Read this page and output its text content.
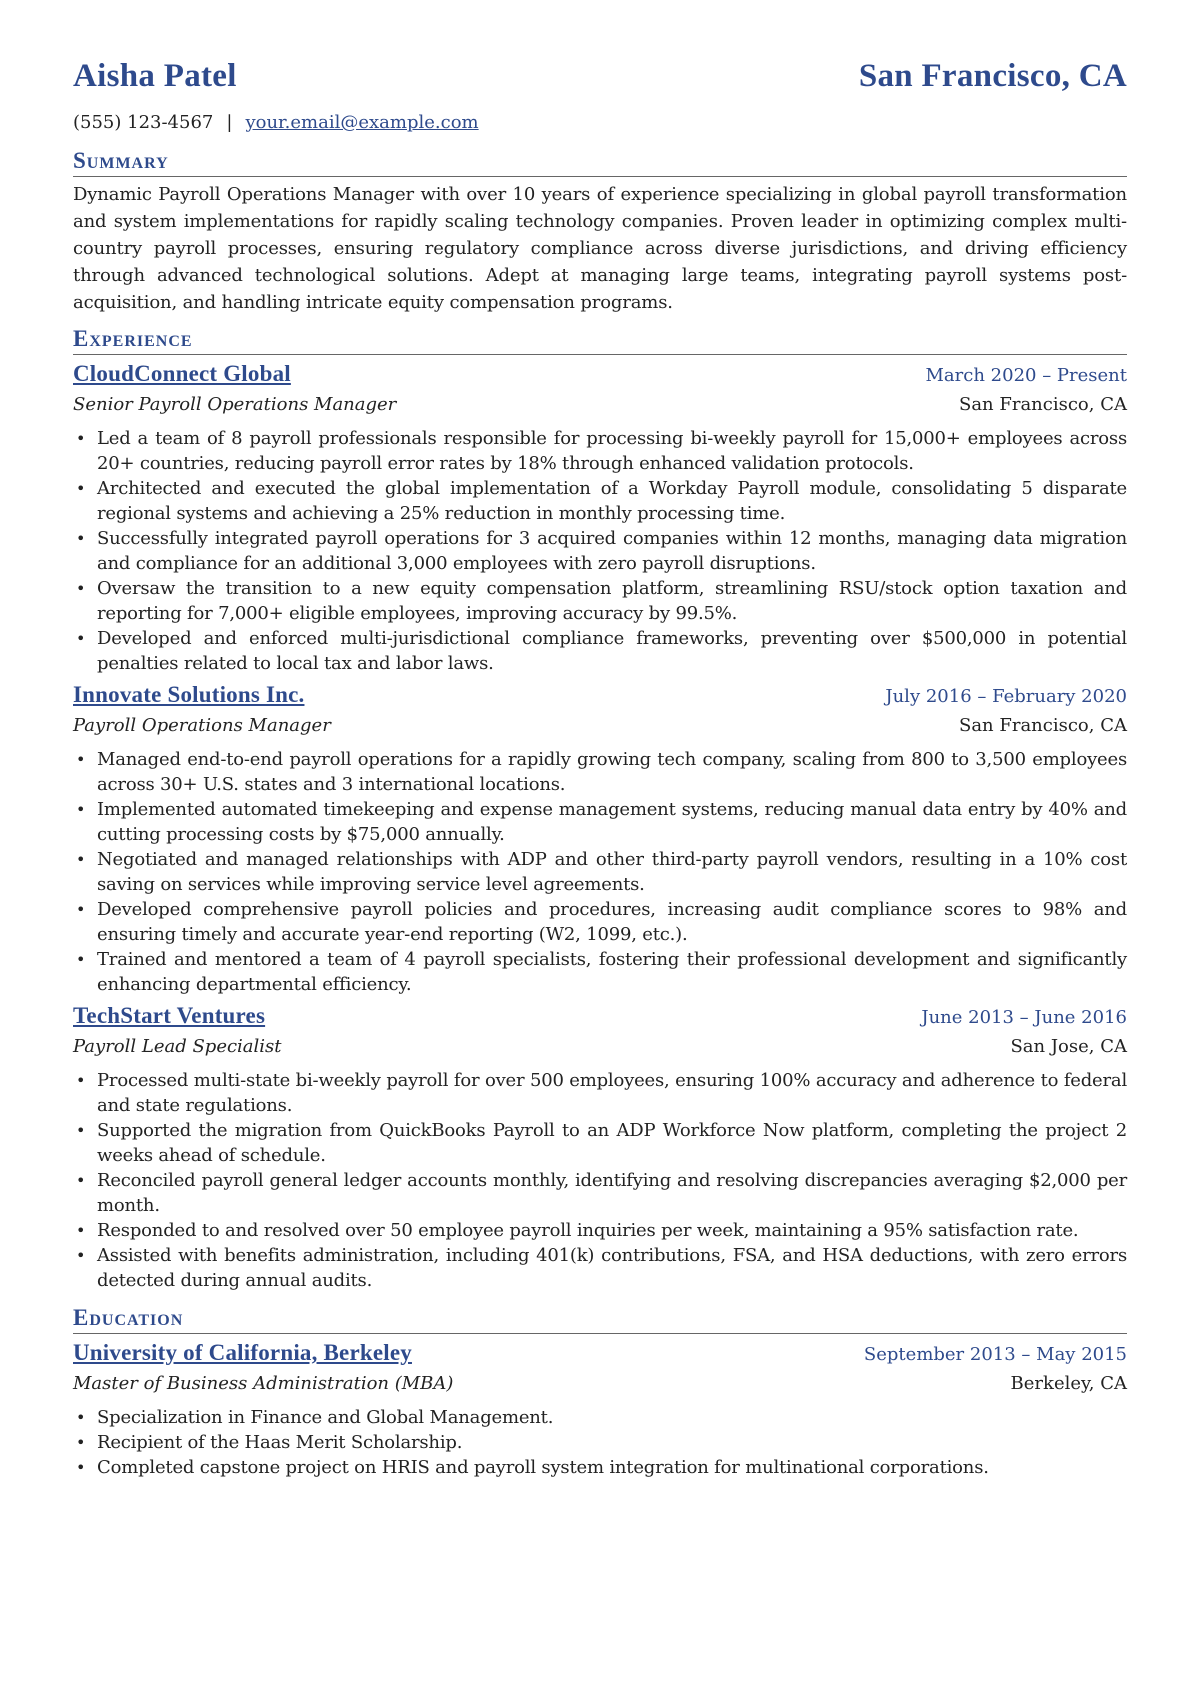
Aisha Patel	San Francisco, CA
(555) 123-4567 | your.email@example.com
Summary
Dynamic Payroll Operations Manager with over 10 years of experience specializing in global payroll transformation and system implementations for rapidly scaling technology companies. Proven leader in optimizing complex multi-country payroll processes, ensuring regulatory compliance across diverse jurisdictions, and driving efficiency through advanced technological solutions. Adept at managing large teams, integrating payroll systems post-acquisition, and handling intricate equity compensation programs.
Experience
CloudConnect Global	March 2020 – Present
Senior Payroll Operations Manager	San Francisco, CA
• Led a team of 8 payroll professionals responsible for processing bi-weekly payroll for 15,000+ employees across 20+ countries, reducing payroll error rates by 18% through enhanced validation protocols.
• Architected and executed the global implementation of a Workday Payroll module, consolidating 5 disparate regional systems and achieving a 25% reduction in monthly processing time.
• Successfully integrated payroll operations for 3 acquired companies within 12 months, managing data migration and compliance for an additional 3,000 employees with zero payroll disruptions.
• Oversaw the transition to a new equity compensation platform, streamlining RSU/stock option taxation and reporting for 7,000+ eligible employees, improving accuracy by 99.5%.
• Developed and enforced multi-jurisdictional compliance frameworks, preventing over $500,000 in potential penalties related to local tax and labor laws.
Innovate Solutions Inc.	July 2016 – February 2020
Payroll Operations Manager	San Francisco, CA
• Managed end-to-end payroll operations for a rapidly growing tech company, scaling from 800 to 3,500 employees across 30+ U.S. states and 3 international locations.
• Implemented automated timekeeping and expense management systems, reducing manual data entry by 40% and cutting processing costs by $75,000 annually.
• Negotiated and managed relationships with ADP and other third-party payroll vendors, resulting in a 10% cost saving on services while improving service level agreements.
• Developed comprehensive payroll policies and procedures, increasing audit compliance scores to 98% and ensuring timely and accurate year-end reporting (W2, 1099, etc.).
• Trained and mentored a team of 4 payroll specialists, fostering their professional development and significantly enhancing departmental efficiency.
TechStart Ventures	June 2013 – June 2016
Payroll Lead Specialist	San Jose, CA
• Processed multi-state bi-weekly payroll for over 500 employees, ensuring 100% accuracy and adherence to federal and state regulations.
• Supported the migration from QuickBooks Payroll to an ADP Workforce Now platform, completing the project 2 weeks ahead of schedule.
• Reconciled payroll general ledger accounts monthly, identifying and resolving discrepancies averaging $2,000 per month.
• Responded to and resolved over 50 employee payroll inquiries per week, maintaining a 95% satisfaction rate.
• Assisted with benefits administration, including 401(k) contributions, FSA, and HSA deductions, with zero errors detected during annual audits.
Education
University of California, Berkeley	September 2013 – May 2015
Master of Business Administration (MBA)	Berkeley, CA
• Specialization in Finance and Global Management.
• Recipient of the Haas Merit Scholarship.
• Completed capstone project on HRIS and payroll system integration for multinational corporations.
